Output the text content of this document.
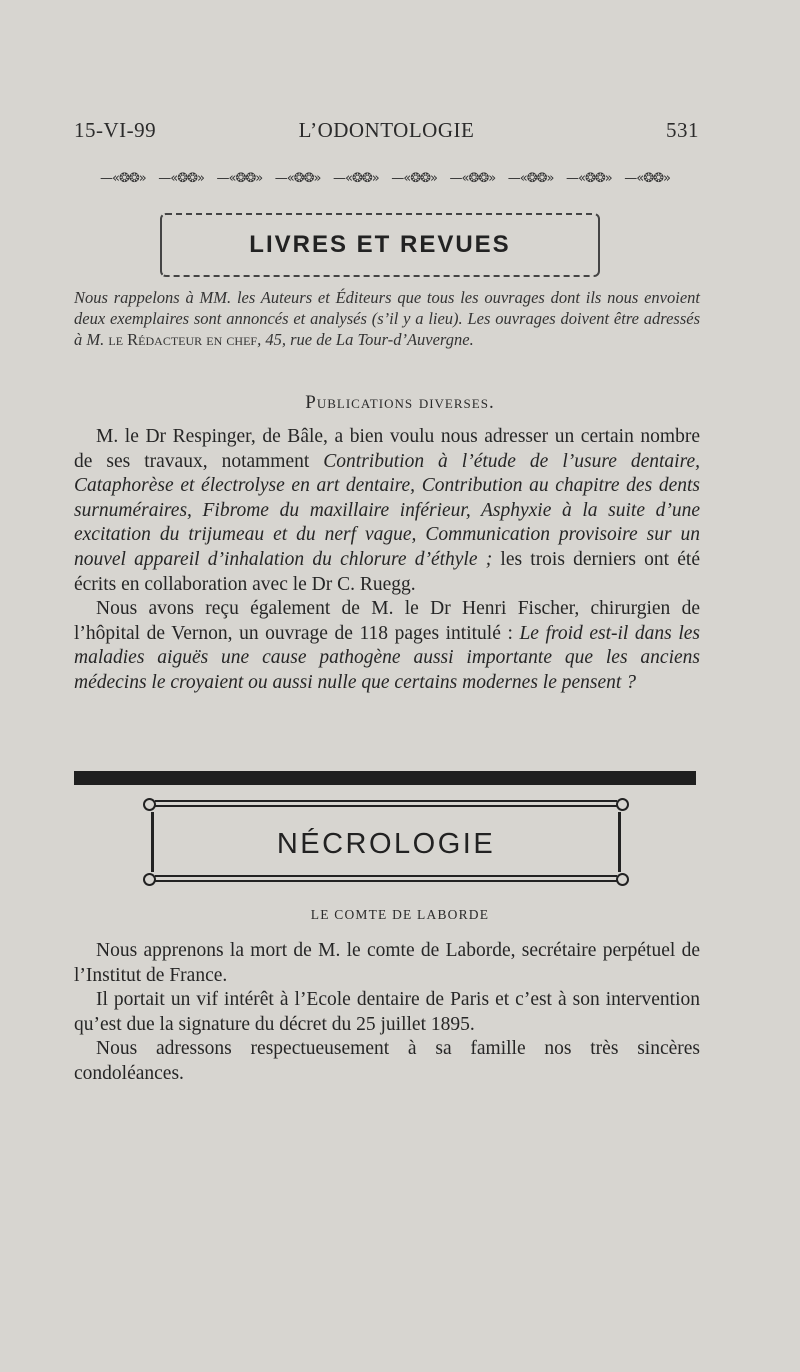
15-VI-99	L’ODONTOLOGIE	531
—«❂❂» —«❂❂» —«❂❂» —«❂❂» —«❂❂» —«❂❂» —«❂❂» —«❂❂» —«❂❂» —«❂❂»
LIVRES ET REVUES
Nous rappelons à MM. les Auteurs et Éditeurs que tous les ouvrages dont ils nous envoient deux exemplaires sont annoncés et analysés (s’il y a lieu). Les ouvrages doivent être adressés à M. le Rédacteur en chef, 45, rue de La Tour-d’Auvergne.
Publications diverses.

M. le Dr Respinger, de Bâle, a bien voulu nous adresser un certain nombre de ses travaux, notamment Contribution à l’étude de l’usure dentaire, Cataphorèse et électrolyse en art dentaire, Contribution au chapitre des dents surnuméraires, Fibrome du maxillaire inférieur, Asphyxie à la suite d’une excitation du trijumeau et du nerf vague, Communication provisoire sur un nouvel appareil d’inhalation du chlorure d’éthyle ; les trois derniers ont été écrits en collaboration avec le Dr C. Ruegg.

Nous avons reçu également de M. le Dr Henri Fischer, chirurgien de l’hôpital de Vernon, un ouvrage de 118 pages intitulé : Le froid est-il dans les maladies aiguës une cause pathogène aussi importante que les anciens médecins le croyaient ou aussi nulle que certains modernes le pensent ?

NÉCROLOGIE
LE COMTE DE LABORDE

Nous apprenons la mort de M. le comte de Laborde, secrétaire perpétuel de l’Institut de France.

Il portait un vif intérêt à l’Ecole dentaire de Paris et c’est à son intervention qu’est due la signature du décret du 25 juillet 1895.

Nous adressons respectueusement à sa famille nos très sincères condoléances.
